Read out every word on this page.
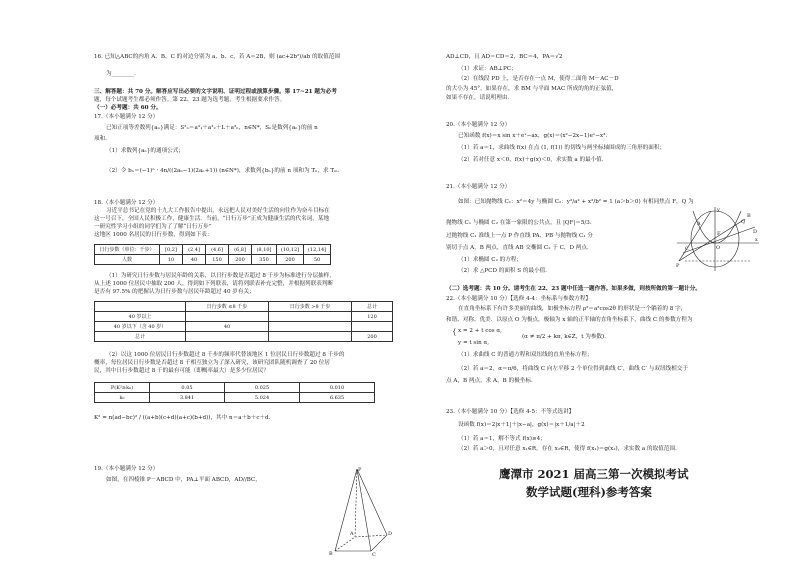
16. 已知△ABC的内角 A、B、C 的对边分别为 a、b、c，若 A＝2B，则 (ac+2b²)/ab 的取值范围
为________．
三、解答题：共 70 分。解答应写出必要的文字说明、证明过程或演算步骤。第 17~21 题为必考
题，每个试题考生都必须作答。第 22、23 题为选考题，考生根据要求作答。
（一）必考题：共 60 分。
17.（本小题满分 12 分）
已知正项等差数列{aₙ}满足：S²ₙ＝a³₁＋a³₂＋L＋a³ₙ，n∈N*，Sₙ是数列{aₙ}的前 n
项和．
（1）求数列{aₙ}的通项公式；
（2）令 bₙ＝(−1)ⁿ · 4n/((2aₙ−1)(2aₙ+1)) (n∈N*)，求数列{bₙ}的前 n 项和为 Tₙ，求 Tₘ．
18.（本小题满分 12 分）
习近平总书记在党的十九大工作报告中提出，永远把人民对美好生活的向往作为奋斗目标在
这一号召下，全国人民积极工作，健康生活．当前，“日行万步”正成为健康生活的代名词，某地
一研究性学习小组的同学们为了了解“日行万步”
这地区 1000 名居民的日行步数，得到如下表：
日行步数（单位：千步）	[0,2]	(2,4]	(4,6]	(6,8]	(8,10]	(10,12]	(12,14]
人数	10	40	150	200	350	200	50
（1）为研究日行步数与居民年龄的关系，以日行步数是否超过 8 千步为标准进行分层抽样，
从上述 1000 位居民中抽取 200 人，得到如下列联表，请将列联表补充完整，并根据列联表判断
是否有 97.5% 的把握认为日行步数与居民年龄超过 40 岁有关；
	日行步数 ≤8 千步	日行步数 >8 千步	总计
40 岁以上			120
40 岁以下（含 40 岁）	40		
总计			200
（2）以这 1000 位居民日行步数超过 8 千步的频率代替该地区 1 位居民日行步数超过 8 千步的
概率，每位居民日行步数是否超过 8 千相互独立为了深入研究，该研究团队随机调查了 20 位居
民，其中日行步数超过 8 千的最有可能（即概率最大）是多少位居民？
P(K²≥k₀)	0.05	0.025	0.010
k₀	3.841	5.024	6.635
K² = n(ad−bc)² / ((a+b)(c+d)(a+c)(b+d))，其中 n＝a＋b＋c＋d．
19.（本小题满分 12 分）
如图，在四棱锥 P－ABCD 中，PA⊥平面 ABCD，AD//BC，
P
A
B	C
D
AD⊥CD，且 AD＝CD＝2，BC＝4，PA＝√2
（1）求证：AB⊥PC；
（2）在线段 PD 上，是否存在一点 M，使得二面角 M－AC－D
的大小为 45°，如果存在，求 BM 与平面 MAC 所成的角的正弦值，
如果不存在，请说明理由．
20.（本小题满分 12 分）
已知函数 f(x)＝x sin x＋eˣ−ax，g(x)＝(x²−2x−1)eˣ−x³．
（1）若 a＝1，求曲线 f(x) 在点 (1, f(1)) 的切线与两坐标轴围成的三角形的面积；
（2）若对任意 x＜0，f(x)＋g(x)＜0，求实数 a 的最小值．
21.（本小题满分 12 分）
如图：已知抛物线 C₁：x²＝4y 与椭圆 C₂：y²/a² + x²/b² = 1 (a＞b＞0) 有相同焦点 F，Q 为
抛物线 C₁ 与椭圆 C₂ 在第一象限的公共点，且 |QF|＝5/3．
过抛物线 C₁ 准线上一点 P 作直线 PA、PB 与抛物线 C₁ 分
别切于点 A，B 两点，直线 AB 交椭圆 C₂ 于 C，D 两点．
（1）求椭圆 C₂ 的方程；
（2）求 △PCD 的面积 S 的最小值．
y
x
O
F
Q
A
B
C
D
P
（二）选考题：共 10 分。请考生在 22、23 题中任选一题作答。如果多做，则按所做的第一题计分。
22.（本小题满分 10 分）【选修 4-4：坐标系与参数方程】
在直角坐标系下有许多美丽的曲线，如极坐标方程 ρ²＝a²cos2θ 的形状是一个躺着的 8 字，
和谐、对称、优美．以原点 O 为极点，极轴为 x 轴的正半轴的直角坐标系下，曲线 C 的参数方程为
{ x = 2 + t cos α,
(α ≠ π/2 + kπ, k∈Z，t 为参数)．
y = t sin α,
（1）求曲线 C 的普通方程和双纽线的直角坐标方程；
（2）若 a＝2，α＝π/6，将曲线 C 向左平移 2 个单位得到曲线 C′，曲线 C′ 与双纽线相交于
点 A，B 两点，求 A，B 的极坐标．
23.（本小题满分 10 分）【选修 4-5：不等式选讲】
设函数 f(x)＝2|x＋1|＋|x−a|，g(x)＝|x＋1/a|＋2
（1）若 a＝1，解不等式 f(x)≥4；
（2）若 a＞0，且对任意 x₁∈R，存在 x₂∈R，使得 f(x₁)＝g(x₂)，求实数 a 的取值范围．
鹰潭市 2021 届高三第一次模拟考试
数学试题(理科)参考答案
